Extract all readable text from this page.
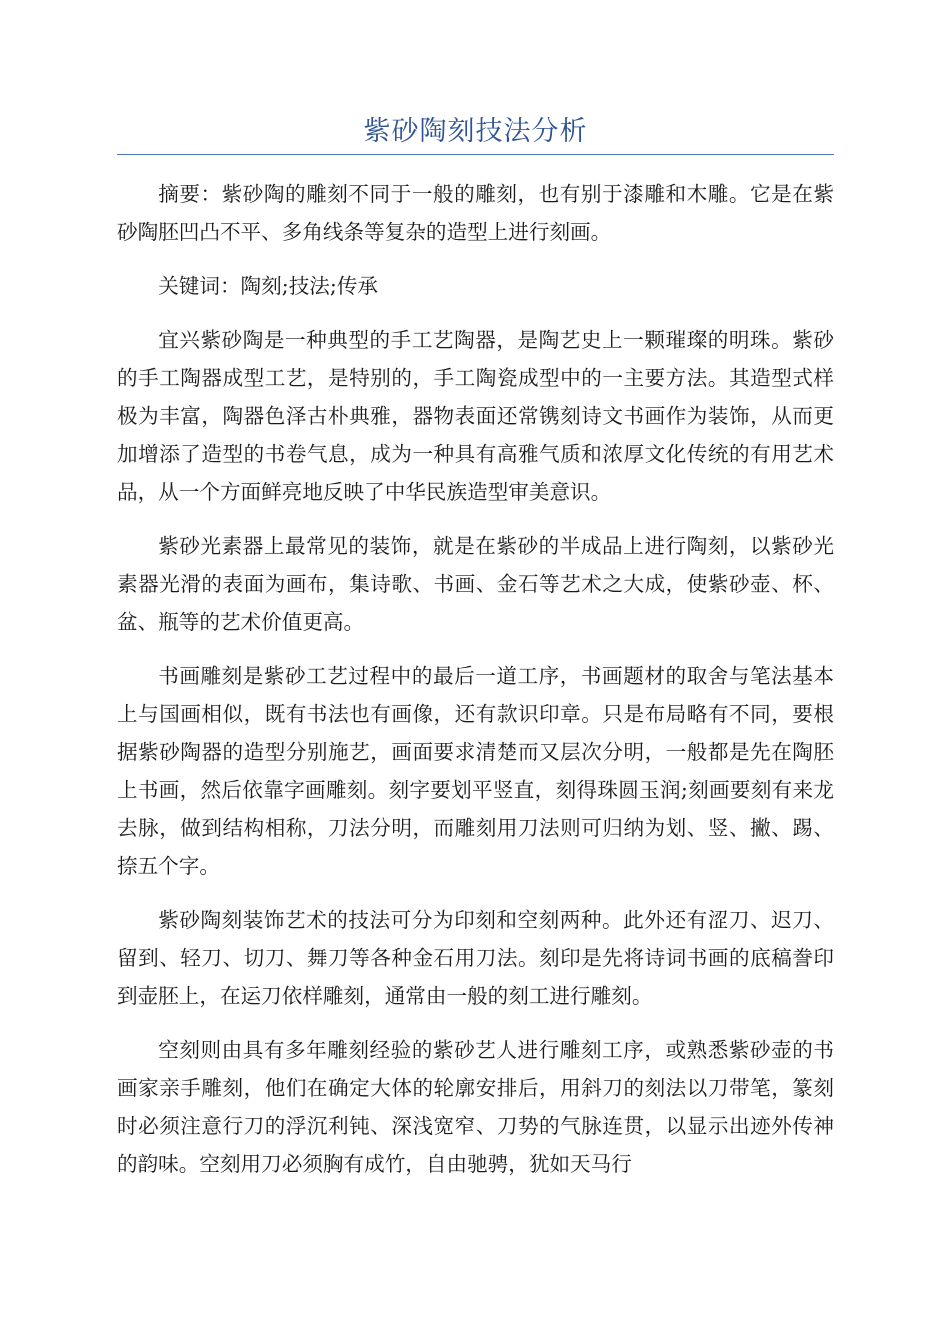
紫砂陶刻技法分析

摘要：紫砂陶的雕刻不同于一般的雕刻，也有别于漆雕和木雕。它是在紫砂陶胚凹凸不平、多角线条等复杂的造型上进行刻画。

关键词：陶刻;技法;传承

宜兴紫砂陶是一种典型的手工艺陶器，是陶艺史上一颗璀璨的明珠。紫砂的手工陶器成型工艺，是特别的，手工陶瓷成型中的一主要方法。其造型式样极为丰富，陶器色泽古朴典雅，器物表面还常镌刻诗文书画作为装饰，从而更加增添了造型的书卷气息，成为一种具有高雅气质和浓厚文化传统的有用艺术品，从一个方面鲜亮地反映了中华民族造型审美意识。

紫砂光素器上最常见的装饰，就是在紫砂的半成品上进行陶刻，以紫砂光素器光滑的表面为画布，集诗歌、书画、金石等艺术之大成，使紫砂壶、杯、盆、瓶等的艺术价值更高。

书画雕刻是紫砂工艺过程中的最后一道工序，书画题材的取舍与笔法基本上与国画相似，既有书法也有画像，还有款识印章。只是布局略有不同，要根据紫砂陶器的造型分别施艺，画面要求清楚而又层次分明，一般都是先在陶胚上书画，然后依靠字画雕刻。刻字要划平竖直，刻得珠圆玉润;刻画要刻有来龙去脉，做到结构相称，刀法分明，而雕刻用刀法则可归纳为划、竖、撇、踢、捺五个字。

紫砂陶刻装饰艺术的技法可分为印刻和空刻两种。此外还有涩刀、迟刀、留到、轻刀、切刀、舞刀等各种金石用刀法。刻印是先将诗词书画的底稿誊印到壶胚上，在运刀依样雕刻，通常由一般的刻工进行雕刻。

空刻则由具有多年雕刻经验的紫砂艺人进行雕刻工序，或熟悉紫砂壶的书画家亲手雕刻，他们在确定大体的轮廓安排后，用斜刀的刻法以刀带笔，篆刻时必须注意行刀的浮沉利钝、深浅宽窄、刀势的气脉连贯，以显示出迹外传神的韵味。空刻用刀必须胸有成竹，自由驰骋，犹如天马行
